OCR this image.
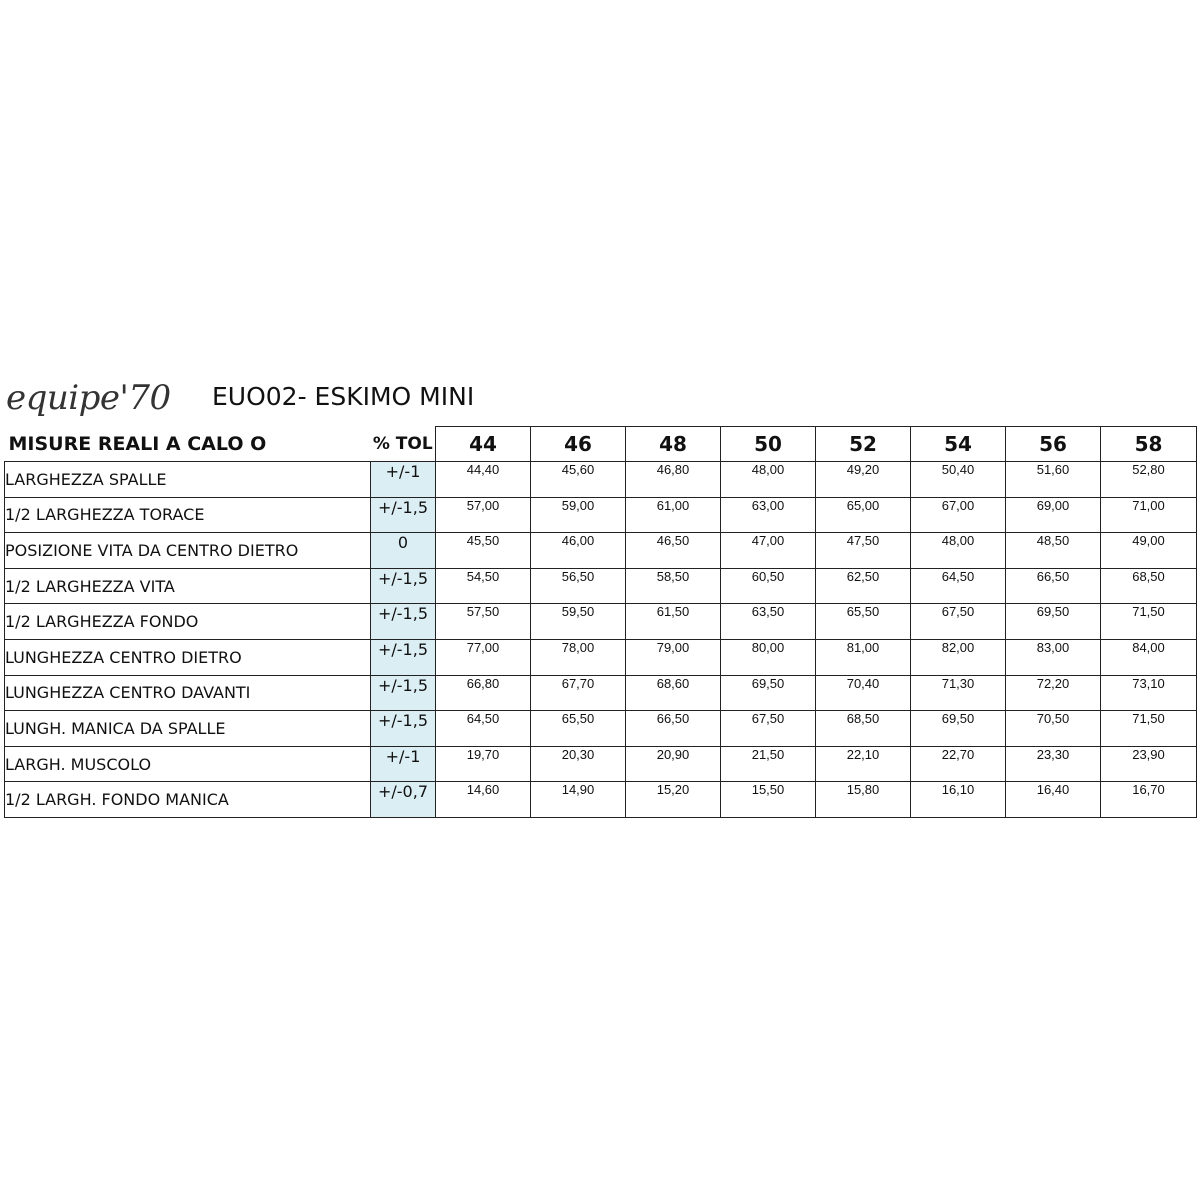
equipe'70 EUO02- ESKIMO MINI
MISURE REALI A CALO O	% TOL	44	46	48	50	52	54	56	58
LARGHEZZA SPALLE	+/-1	44,40	45,60	46,80	48,00	49,20	50,40	51,60	52,80
1/2 LARGHEZZA TORACE	+/-1,5	57,00	59,00	61,00	63,00	65,00	67,00	69,00	71,00
POSIZIONE VITA DA CENTRO DIETRO	0	45,50	46,00	46,50	47,00	47,50	48,00	48,50	49,00
1/2 LARGHEZZA VITA	+/-1,5	54,50	56,50	58,50	60,50	62,50	64,50	66,50	68,50
1/2 LARGHEZZA FONDO	+/-1,5	57,50	59,50	61,50	63,50	65,50	67,50	69,50	71,50
LUNGHEZZA CENTRO DIETRO	+/-1,5	77,00	78,00	79,00	80,00	81,00	82,00	83,00	84,00
LUNGHEZZA CENTRO DAVANTI	+/-1,5	66,80	67,70	68,60	69,50	70,40	71,30	72,20	73,10
LUNGH. MANICA DA SPALLE	+/-1,5	64,50	65,50	66,50	67,50	68,50	69,50	70,50	71,50
LARGH. MUSCOLO	+/-1	19,70	20,30	20,90	21,50	22,10	22,70	23,30	23,90
1/2 LARGH. FONDO MANICA	+/-0,7	14,60	14,90	15,20	15,50	15,80	16,10	16,40	16,70
